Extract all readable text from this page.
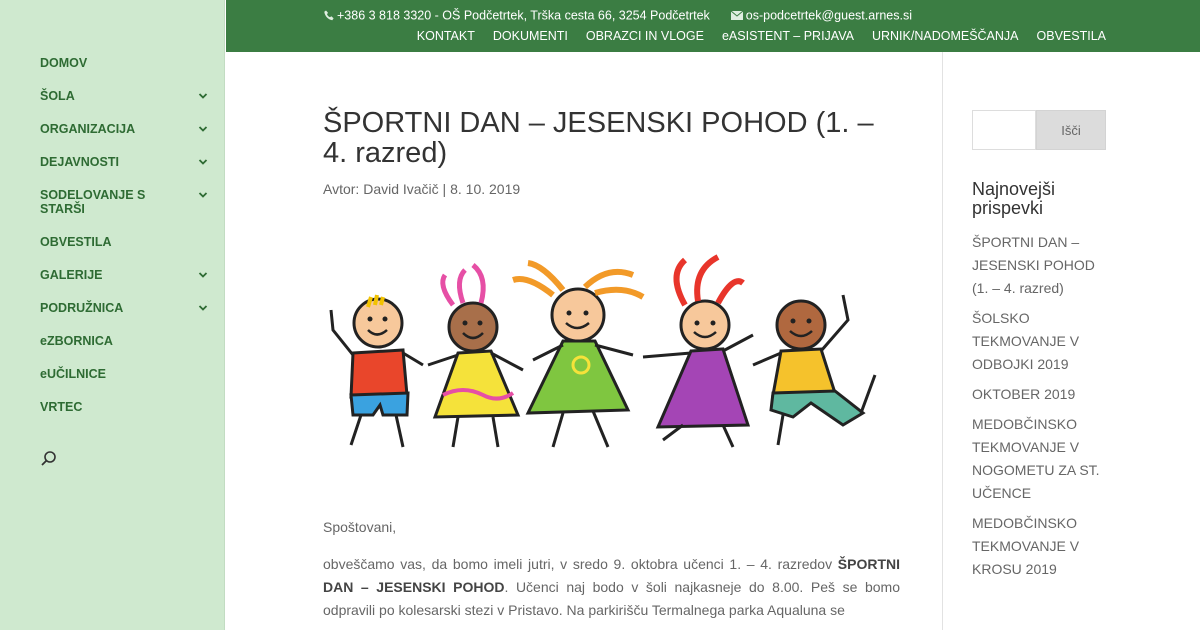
DOMOV
ŠOLA
ORGANIZACIJA
DEJAVNOSTI
SODELOVANJE S STARŠI
OBVESTILA
GALERIJE
PODRUŽNICA
eZBORNICA
eUČILNICE
VRTEC
+386 3 818 3320 - OŠ Podčetrtek, Trška cesta 66, 3254 Podčetrtek	os-podcetrtek@guest.arnes.si
KONTAKT DOKUMENTI OBRAZCI IN VLOGE eASISTENT – PRIJAVA URNIK/NADOMEŠČANJA OBVESTILA
ŠPORTNI DAN – JESENSKI POHOD (1. – 4. razred)
Avtor: David Ivačič | 8. 10. 2019
Spoštovani,
obveščamo vas, da bomo imeli jutri, v sredo 9. oktobra učenci 1. – 4. razredov ŠPORTNI DAN – JESENSKI POHOD. Učenci naj bodo v šoli najkasneje do 8.00. Peš se bomo odpravili po kolesarski stezi v Pristavo. Na parkirišču Termalnega parka Aqualuna se
Išči
Najnovejši prispevki
ŠPORTNI DAN – JESENSKI POHOD (1. – 4. razred)
ŠOLSKO TEKMOVANJE V ODBOJKI 2019
OKTOBER 2019
MEDOBČINSKO TEKMOVANJE V NOGOMETU ZA ST. UČENCE
MEDOBČINSKO TEKMOVANJE V KROSU 2019
